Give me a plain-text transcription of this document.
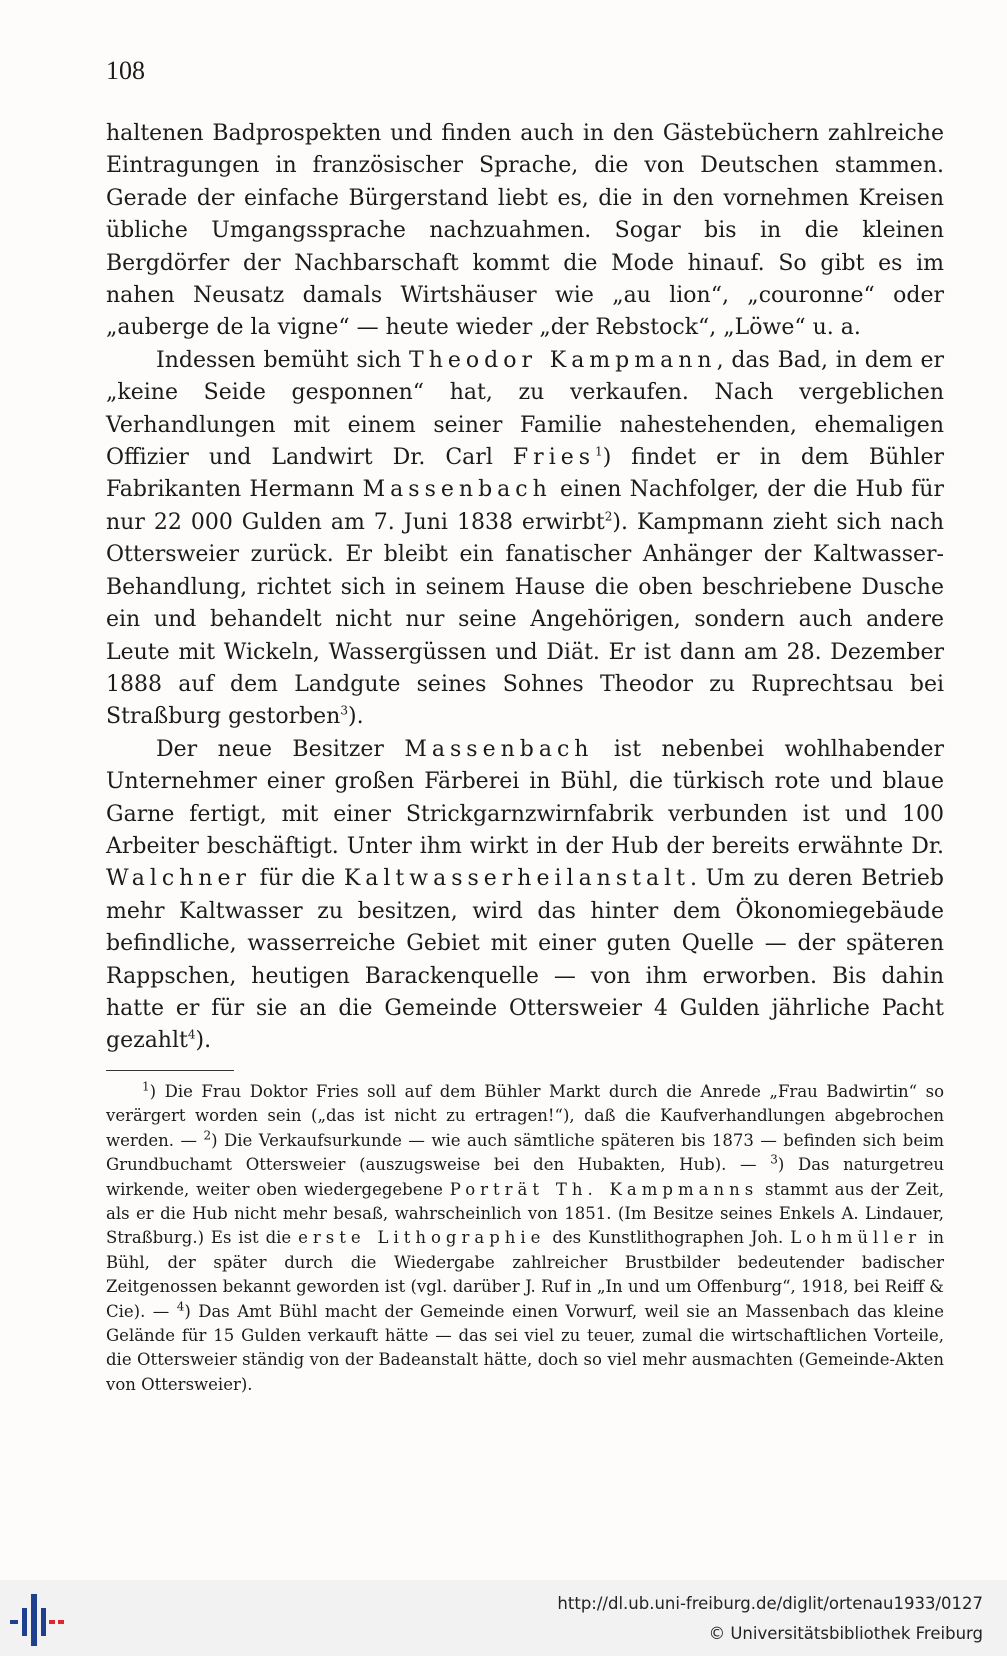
108

haltenen Badprospekten und finden auch in den Gästebüchern zahlreiche Eintragungen in französischer Sprache, die von Deutschen stammen. Gerade der einfache Bürgerstand liebt es, die in den vornehmen Kreisen übliche Umgangssprache nachzuahmen. Sogar bis in die kleinen Bergdörfer der Nachbarschaft kommt die Mode hinauf. So gibt es im nahen Neusatz damals Wirtshäuser wie „au lion“, „couronne“ oder „auberge de la vigne“ — heute wieder „der Rebstock“, „Löwe“ u. a.

Indessen bemüht sich Theodor Kampmann, das Bad, in dem er „keine Seide gesponnen“ hat, zu verkaufen. Nach vergeblichen Verhandlungen mit einem seiner Familie nahestehenden, ehemaligen Offizier und Landwirt Dr. Carl Fries$^1$) findet er in dem Bühler Fabrikanten Hermann Massenbach einen Nachfolger, der die Hub für nur 22 000 Gulden am 7. Juni 1838 erwirbt$^2$). Kampmann zieht sich nach Ottersweier zurück. Er bleibt ein fanatischer Anhänger der Kaltwasser-Behandlung, richtet sich in seinem Hause die oben beschriebene Dusche ein und behandelt nicht nur seine Angehörigen, sondern auch andere Leute mit Wickeln, Wassergüssen und Diät. Er ist dann am 28. Dezember 1888 auf dem Landgute seines Sohnes Theodor zu Ruprechtsau bei Straßburg gestorben$^3$).

Der neue Besitzer Massenbach ist nebenbei wohlhabender Unternehmer einer großen Färberei in Bühl, die türkisch rote und blaue Garne fertigt, mit einer Strickgarnzwirnfabrik verbunden ist und 100 Arbeiter beschäftigt. Unter ihm wirkt in der Hub der bereits erwähnte Dr. Walchner für die Kaltwasserheilanstalt. Um zu deren Betrieb mehr Kaltwasser zu besitzen, wird das hinter dem Ökonomiegebäude befindliche, wasserreiche Gebiet mit einer guten Quelle — der späteren Rappschen, heutigen Barackenquelle — von ihm erworben. Bis dahin hatte er für sie an die Gemeinde Ottersweier 4 Gulden jährliche Pacht gezahlt$^4$).

$^1$) Die Frau Doktor Fries soll auf dem Bühler Markt durch die Anrede „Frau Badwirtin“ so verärgert worden sein („das ist nicht zu ertragen!“), daß die Kaufverhandlungen abgebrochen werden. — $^2$) Die Verkaufsurkunde — wie auch sämtliche späteren bis 1873 — befinden sich beim Grundbuchamt Ottersweier (auszugsweise bei den Hubakten, Hub). — $^3$) Das naturgetreu wirkende, weiter oben wiedergegebene Porträt Th. Kampmanns stammt aus der Zeit, als er die Hub nicht mehr besaß, wahrscheinlich von 1851. (Im Besitze seines Enkels A. Lindauer, Straßburg.) Es ist die erste Lithographie des Kunstlithographen Joh. Lohmüller in Bühl, der später durch die Wiedergabe zahlreicher Brustbilder bedeutender badischer Zeitgenossen bekannt geworden ist (vgl. darüber J. Ruf in „In und um Offenburg“, 1918, bei Reiff & Cie). — $^4$) Das Amt Bühl macht der Gemeinde einen Vorwurf, weil sie an Massenbach das kleine Gelände für 15 Gulden verkauft hätte — das sei viel zu teuer, zumal die wirtschaftlichen Vorteile, die Ottersweier ständig von der Badeanstalt hätte, doch so viel mehr ausmachten (Gemeinde-Akten von Ottersweier).

http://dl.ub.uni-freiburg.de/diglit/ortenau1933/0127
© Universitätsbibliothek Freiburg
